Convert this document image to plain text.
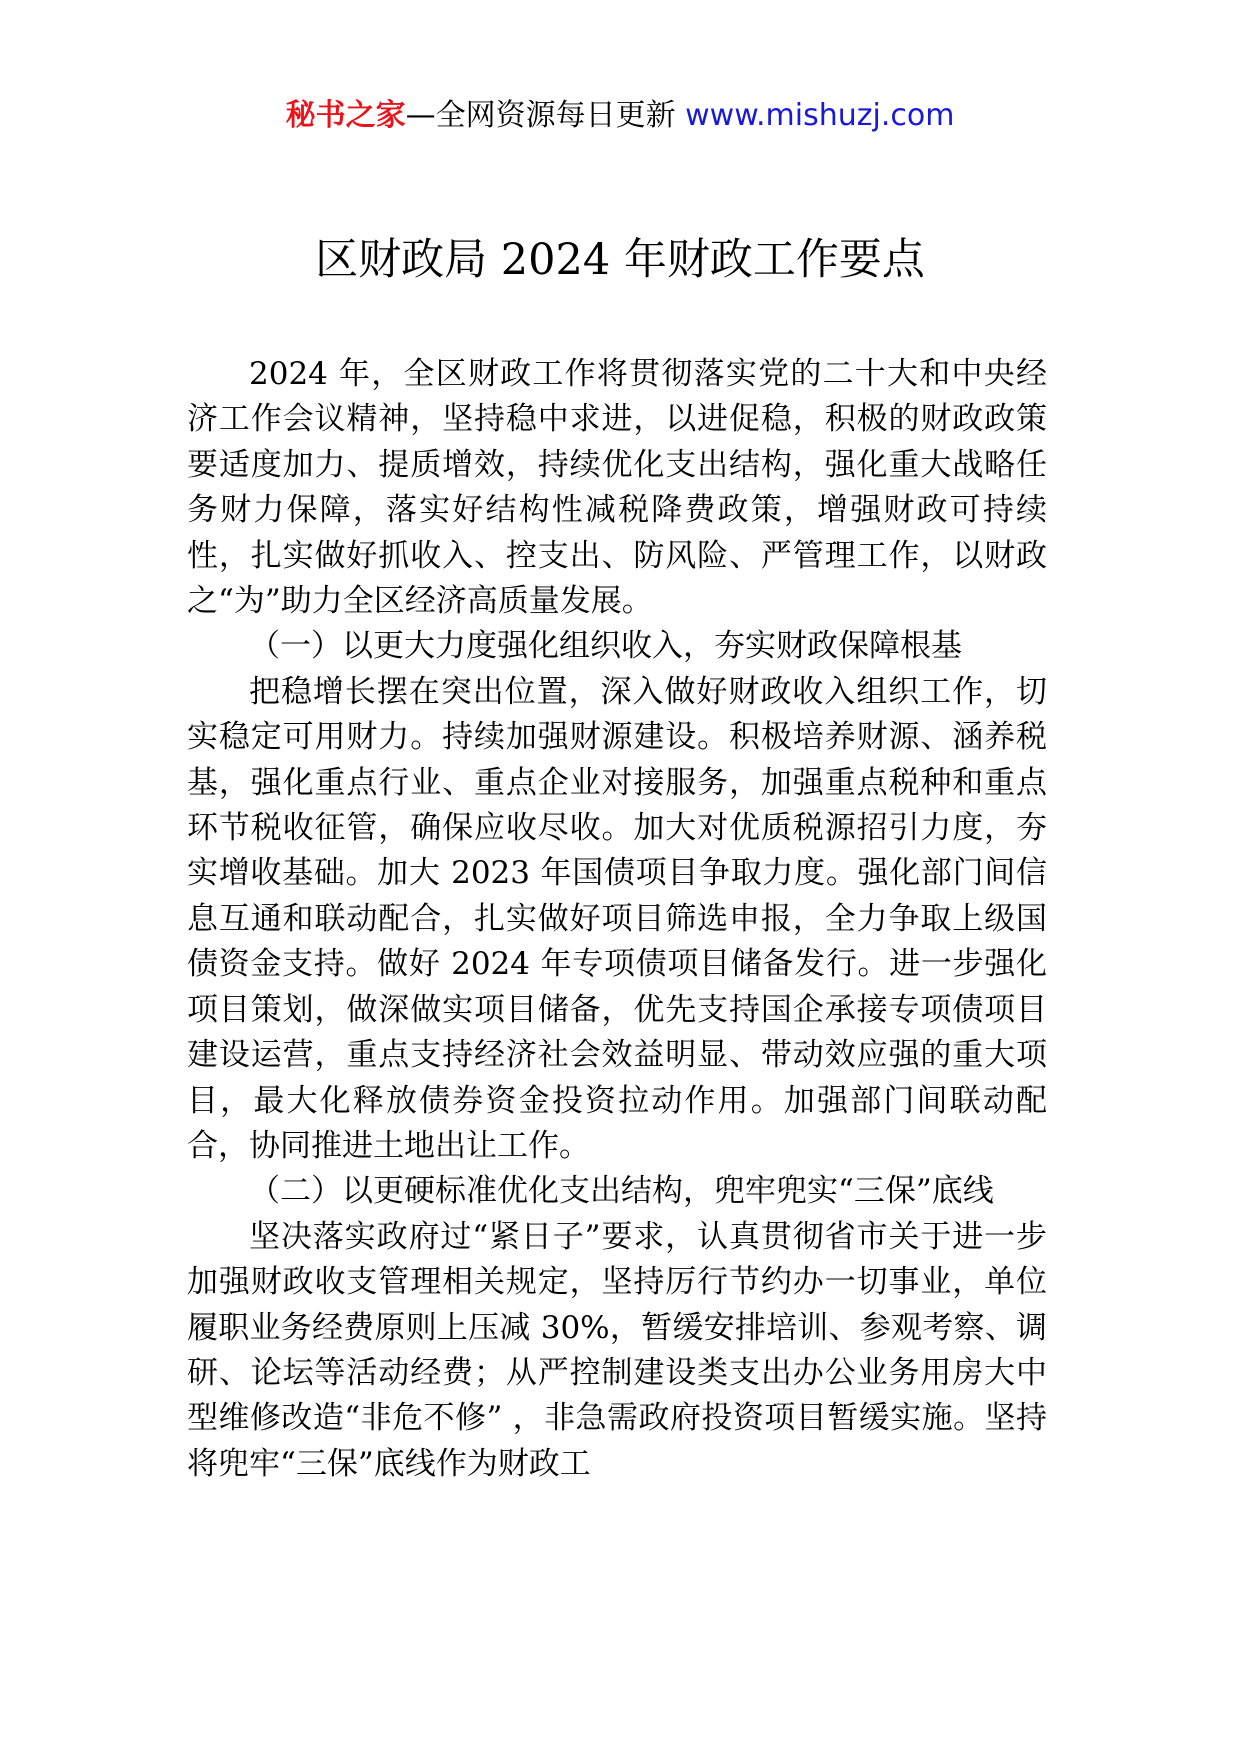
秘书之家—全网资源每日更新 www.mishuzj.com
区财政局 2024 年财政工作要点

2024 年，全区财政工作将贯彻落实党的二十大和中央经济工作会议精神，坚持稳中求进，以进促稳，积极的财政政策要适度加力、提质增效，持续优化支出结构，强化重大战略任务财力保障，落实好结构性减税降费政策，增强财政可持续性，扎实做好抓收入、控支出、防风险、严管理工作，以财政之“为”助力全区经济高质量发展。

（一）以更大力度强化组织收入，夯实财政保障根基

把稳增长摆在突出位置，深入做好财政收入组织工作，切实稳定可用财力。持续加强财源建设。积极培养财源、涵养税基，强化重点行业、重点企业对接服务，加强重点税种和重点环节税收征管，确保应收尽收。加大对优质税源招引力度，夯实增收基础。加大 2023 年国债项目争取力度。强化部门间信息互通和联动配合，扎实做好项目筛选申报，全力争取上级国债资金支持。做好 2024 年专项债项目储备发行。进一步强化项目策划，做深做实项目储备，优先支持国企承接专项债项目建设运营，重点支持经济社会效益明显、带动效应强的重大项目，最大化释放债券资金投资拉动作用。加强部门间联动配合，协同推进土地出让工作。

（二）以更硬标准优化支出结构，兜牢兜实“三保”底线

坚决落实政府过“紧日子”要求，认真贯彻省市关于进一步加强财政收支管理相关规定，坚持厉行节约办一切事业，单位履职业务经费原则上压减 30%，暂缓安排培训、参观考察、调研、论坛等活动经费；从严控制建设类支出办公业务用房大中型维修改造“非危不修” ，非急需政府投资项目暂缓实施。坚持将兜牢“三保”底线作为财政工
